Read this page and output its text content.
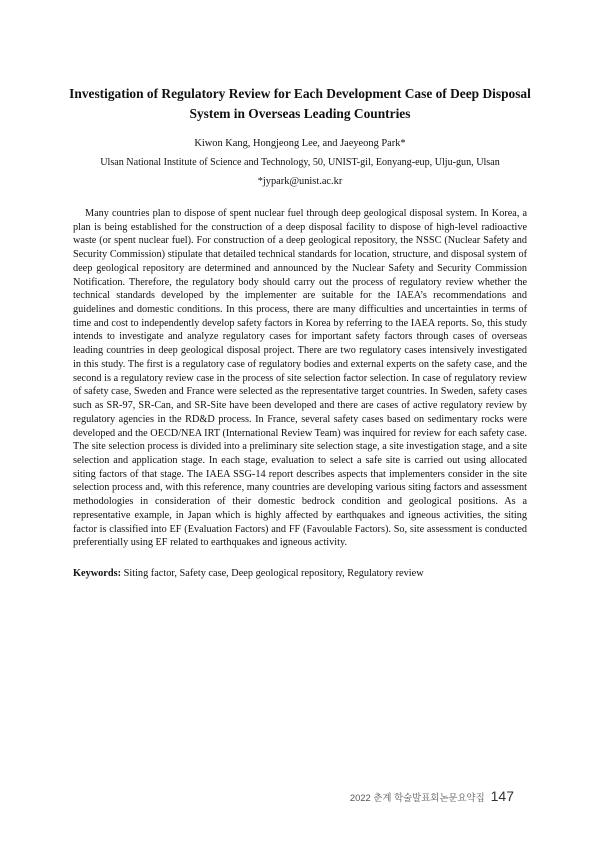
Investigation of Regulatory Review for Each Development Case of Deep Disposal System in Overseas Leading Countries
Kiwon Kang, Hongjeong Lee, and Jaeyeong Park*
Ulsan National Institute of Science and Technology, 50, UNIST-gil, Eonyang-eup, Ulju-gun, Ulsan
*jypark@unist.ac.kr

Many countries plan to dispose of spent nuclear fuel through deep geological disposal system. In Korea, a plan is being established for the construction of a deep disposal facility to dispose of high-level radioactive waste (or spent nuclear fuel). For construction of a deep geological repository, the NSSC (Nuclear Safety and Security Commission) stipulate that detailed technical standards for location, structure, and disposal system of deep geological repository are determined and announced by the Nuclear Safety and Security Commission Notification. Therefore, the regulatory body should carry out the process of regulatory review whether the technical standards developed by the implementer are suitable for the IAEA’s recommendations and guidelines and domestic conditions. In this process, there are many difficulties and uncertainties in terms of time and cost to independently develop safety factors in Korea by referring to the IAEA reports. So, this study intends to investigate and analyze regulatory cases for important safety factors through cases of overseas leading countries in deep geological disposal project. There are two regulatory cases intensively investigated in this study. The first is a regulatory case of regulatory bodies and external experts on the safety case, and the second is a regulatory review case in the process of site selection factor selection. In case of regulatory review of safety case, Sweden and France were selected as the representative target countries. In Sweden, safety cases such as SR-97, SR-Can, and SR-Site have been developed and there are cases of active regulatory review by regulatory agencies in the RD&D process. In France, several safety cases based on sedimentary rocks were developed and the OECD/NEA IRT (International Review Team) was inquired for review for each safety case. The site selection process is divided into a preliminary site selection stage, a site investigation stage, and a site selection and application stage. In each stage, evaluation to select a safe site is carried out using allocated siting factors of that stage. The IAEA SSG-14 report describes aspects that implementers consider in the site selection process and, with this reference, many countries are developing various siting factors and assessment methodologies in consideration of their domestic bedrock condition and geological positions. As a representative example, in Japan which is highly affected by earthquakes and igneous activities, the siting factor is classified into EF (Evaluation Factors) and FF (Favoulable Factors). So, site assessment is conducted preferentially using EF related to earthquakes and igneous activity.

Keywords: Siting factor, Safety case, Deep geological repository, Regulatory review
2022 춘계 학술발표회논문요약집 147
